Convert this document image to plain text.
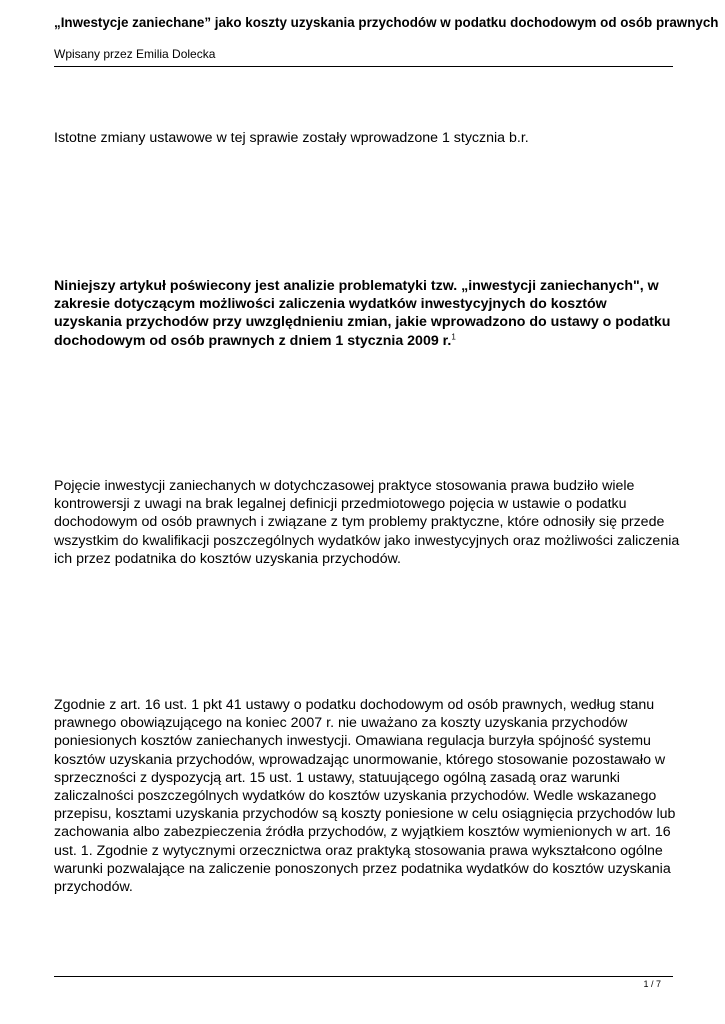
„Inwestycje zaniechane” jako koszty uzyskania przychodów w podatku dochodowym od osób prawnych
Wpisany przez Emilia Dolecka

Istotne zmiany ustawowe w tej sprawie zostały wprowadzone 1 stycznia b.r.

Niniejszy artykuł poświecony jest analizie problematyki tzw. „inwestycji zaniechanych", w zakresie dotyczącym możliwości zaliczenia wydatków inwestycyjnych do kosztów uzyskania przychodów przy uwzględnieniu zmian, jakie wprowadzono do ustawy o podatku dochodowym od osób prawnych z dniem 1 stycznia 2009 r.$^1$

Pojęcie inwestycji zaniechanych w dotychczasowej praktyce stosowania prawa budziło wiele kontrowersji z uwagi na brak legalnej definicji przedmiotowego pojęcia w ustawie o podatku dochodowym od osób prawnych i związane z tym problemy praktyczne, które odnosiły się przede wszystkim do kwalifikacji poszczególnych wydatków jako inwestycyjnych oraz możliwości zaliczenia ich przez podatnika do kosztów uzyskania przychodów.

Zgodnie z art. 16 ust. 1 pkt 41 ustawy o podatku dochodowym od osób prawnych, według stanu prawnego obowiązującego na koniec 2007 r. nie uważano za koszty uzyskania przychodów poniesionych kosztów zaniechanych inwestycji. Omawiana regulacja burzyła spójność systemu kosztów uzyskania przychodów, wprowadzając unormowanie, którego stosowanie pozostawało w sprzeczności z dyspozycją art. 15 ust. 1 ustawy, statuującego ogólną zasadą oraz warunki zaliczalności poszczególnych wydatków do kosztów uzyskania przychodów. Wedle wskazanego przepisu, kosztami uzyskania przychodów są koszty poniesione w celu osiągnięcia przychodów lub zachowania albo zabezpieczenia źródła przychodów, z wyjątkiem kosztów wymienionych w art. 16 ust. 1. Zgodnie z wytycznymi orzecznictwa oraz praktyką stosowania prawa wykształcono ogólne warunki pozwalające na zaliczenie ponoszonych przez podatnika wydatków do kosztów uzyskania przychodów.

1 / 7
